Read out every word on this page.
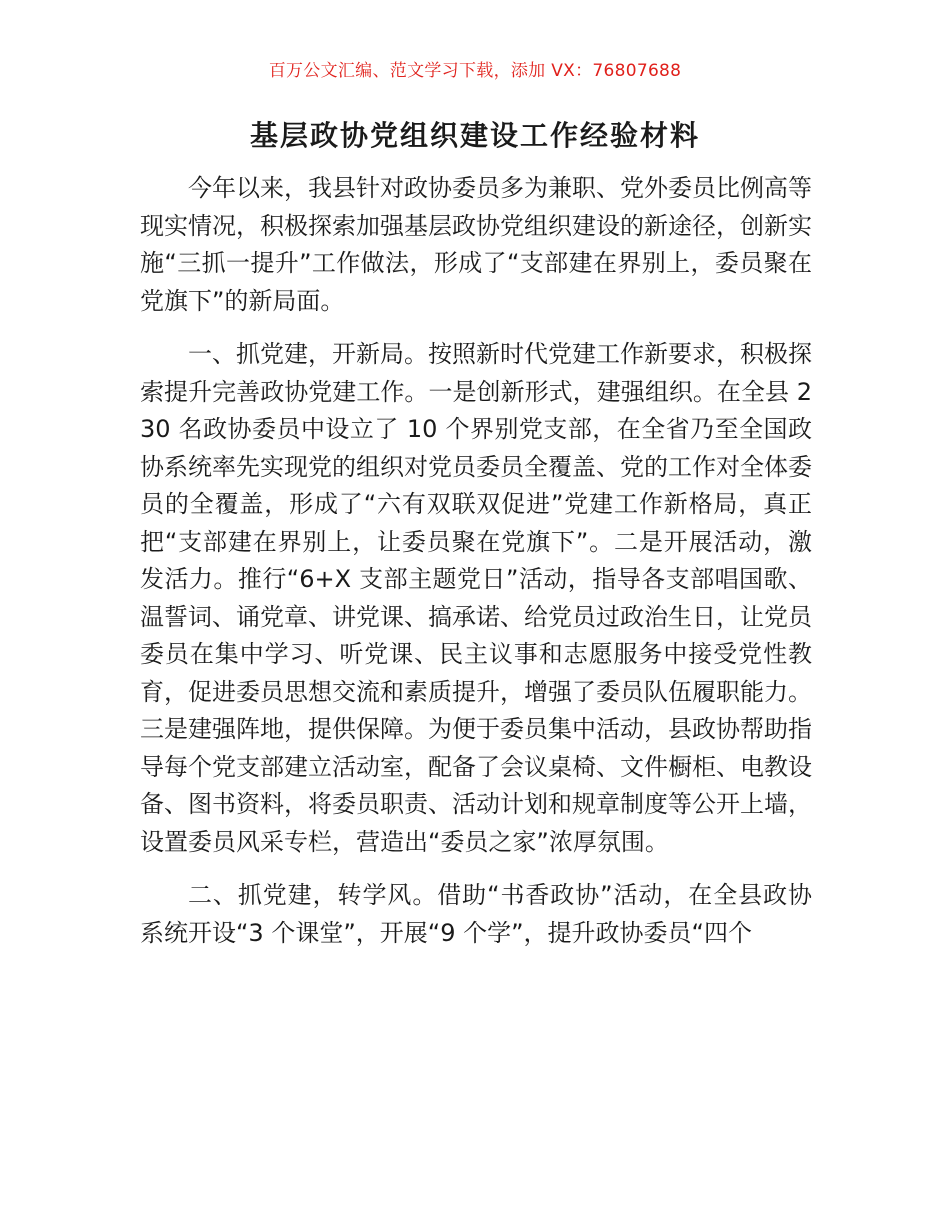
百万公文汇编、范文学习下载，添加 VX：76807688
基层政协党组织建设工作经验材料

今年以来，我县针对政协委员多为兼职、党外委员比例高等现实情况，积极探索加强基层政协党组织建设的新途径，创新实施“三抓一提升”工作做法，形成了“支部建在界别上，委员聚在党旗下”的新局面。

一、抓党建，开新局。按照新时代党建工作新要求，积极探索提升完善政协党建工作。一是创新形式，建强组织。在全县 230 名政协委员中设立了 10 个界别党支部，在全省乃至全国政协系统率先实现党的组织对党员委员全覆盖、党的工作对全体委员的全覆盖，形成了“六有双联双促进”党建工作新格局，真正把“支部建在界别上，让委员聚在党旗下”。二是开展活动，激发活力。推行“6+X 支部主题党日”活动，指导各支部唱国歌、温誓词、诵党章、讲党课、搞承诺、给党员过政治生日，让党员委员在集中学习、听党课、民主议事和志愿服务中接受党性教育，促进委员思想交流和素质提升，增强了委员队伍履职能力。三是建强阵地，提供保障。为便于委员集中活动，县政协帮助指导每个党支部建立活动室，配备了会议桌椅、文件橱柜、电教设备、图书资料，将委员职责、活动计划和规章制度等公开上墙，设置委员风采专栏，营造出“委员之家”浓厚氛围。

二、抓党建，转学风。借助“书香政协”活动，在全县政协系统开设“3 个课堂”，开展“9 个学”，提升政协委员“四个
